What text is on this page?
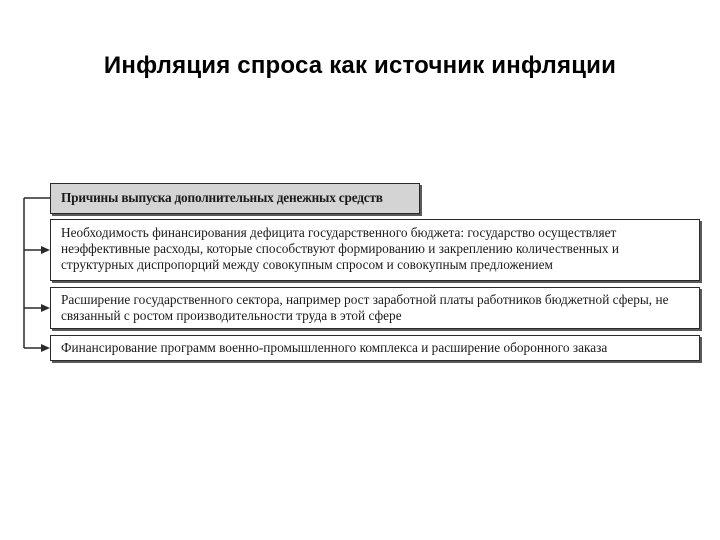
Инфляция спроса как источник инфляции
Причины выпуска дополнительных денежных средств
Необходимость финансирования дефицита государственного бюджета: государство осуществляет неэффективные расходы, которые способствуют формированию и закреплению количественных и структурных диспропорций между совокупным спросом и совокупным предложением
Расширение государственного сектора, например рост заработной платы работников бюджетной сферы, не связанный с ростом производительности труда в этой сфере
Финансирование программ военно-промышленного комплекса и расширение оборонного заказа
